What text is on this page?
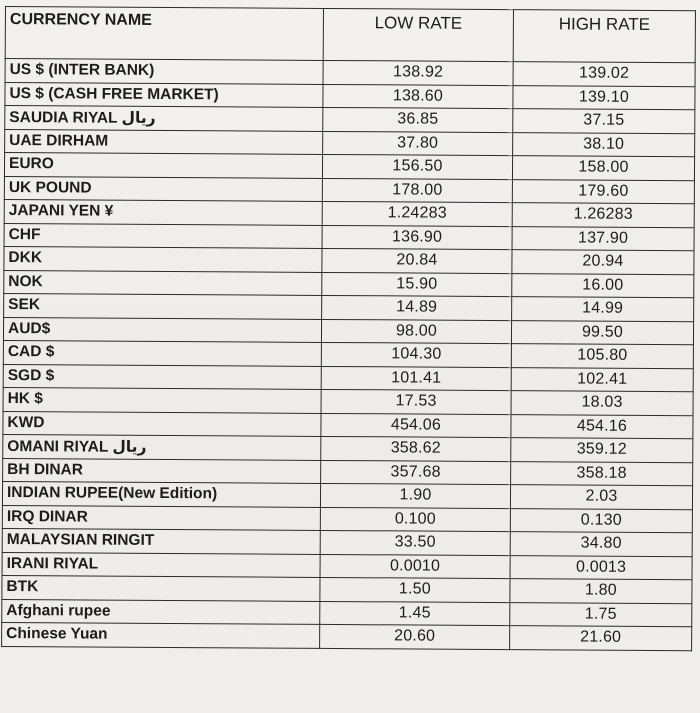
CURRENCY NAME	LOW RATE	HIGH RATE

US $ (INTER BANK)	138.92	139.02
US $ (CASH FREE MARKET)	138.60	139.10
SAUDIA RIYAL ریال	36.85	37.15
UAE DIRHAM	37.80	38.10
EURO	156.50	158.00
UK POUND	178.00	179.60
JAPANI YEN ¥	1.24283	1.26283
CHF	136.90	137.90
DKK	20.84	20.94
NOK	15.90	16.00
SEK	14.89	14.99
AUD$	98.00	99.50
CAD $	104.30	105.80
SGD $	101.41	102.41
HK $	17.53	18.03
KWD	454.06	454.16
OMANI RIYAL ریال	358.62	359.12
BH DINAR	357.68	358.18
INDIAN RUPEE(New Edition)	1.90	2.03
IRQ DINAR	0.100	0.130
MALAYSIAN RINGIT	33.50	34.80
IRANI RIYAL	0.0010	0.0013
BTK	1.50	1.80
Afghani rupee	1.45	1.75
Chinese Yuan	20.60	21.60
